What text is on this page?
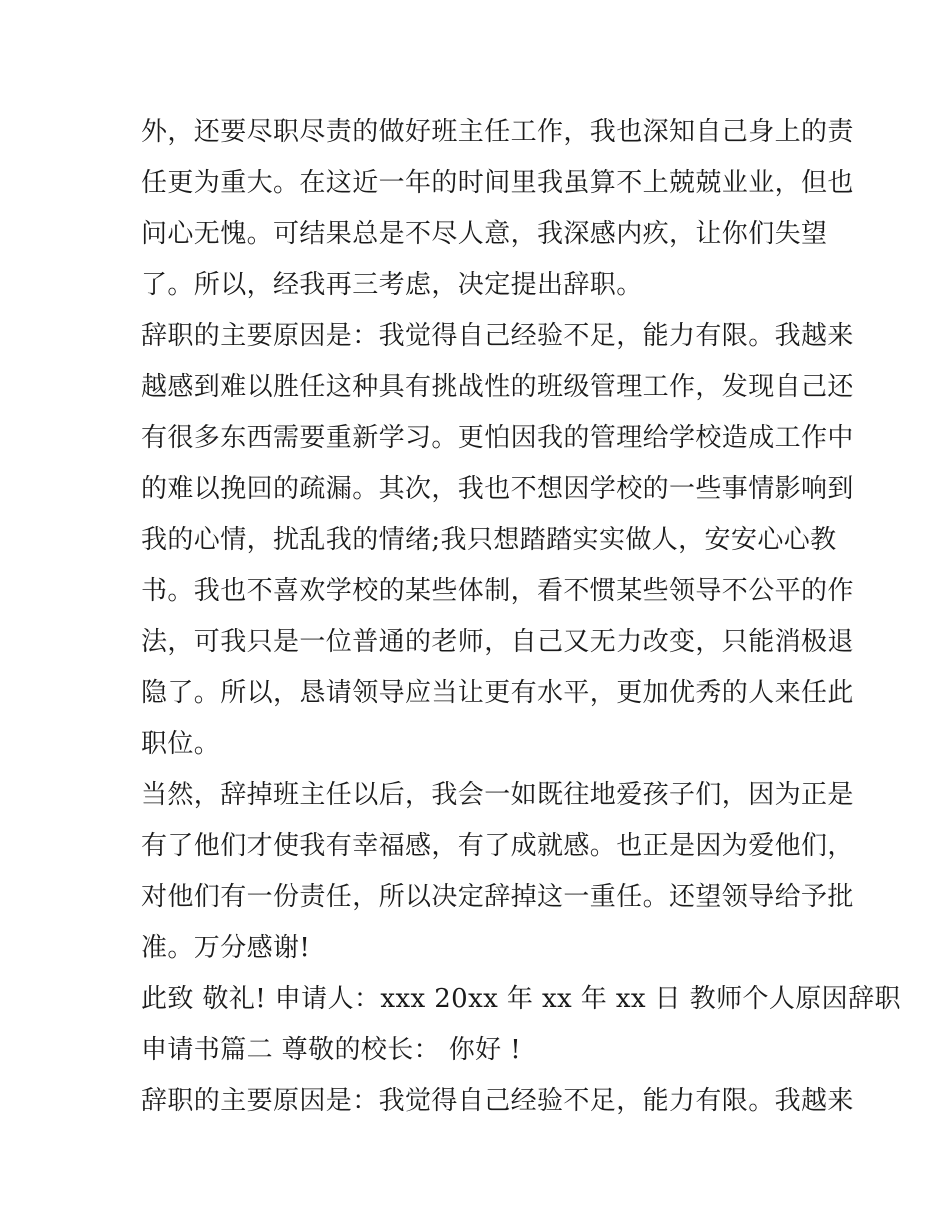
外，还要尽职尽责的做好班主任工作，我也深知自己身上的责
任更为重大。在这近一年的时间里我虽算不上兢兢业业，但也
问心无愧。可结果总是不尽人意，我深感内疚，让你们失望
了。所以，经我再三考虑，决定提出辞职。
辞职的主要原因是：我觉得自己经验不足，能力有限。我越来
越感到难以胜任这种具有挑战性的班级管理工作，发现自己还
有很多东西需要重新学习。更怕因我的管理给学校造成工作中
的难以挽回的疏漏。其次，我也不想因学校的一些事情影响到
我的心情，扰乱我的情绪;我只想踏踏实实做人，安安心心教
书。我也不喜欢学校的某些体制，看不惯某些领导不公平的作
法，可我只是一位普通的老师，自己又无力改变，只能消极退
隐了。所以，恳请领导应当让更有水平，更加优秀的人来任此
职位。
当然，辞掉班主任以后，我会一如既往地爱孩子们，因为正是
有了他们才使我有幸福感，有了成就感。也正是因为爱他们，
对他们有一份责任，所以决定辞掉这一重任。还望领导给予批
准。万分感谢!
此致 敬礼! 申请人：xxx 20xx 年 xx 年 xx 日 教师个人原因辞职
申请书篇二 尊敬的校长： 你好 !
辞职的主要原因是：我觉得自己经验不足，能力有限。我越来
